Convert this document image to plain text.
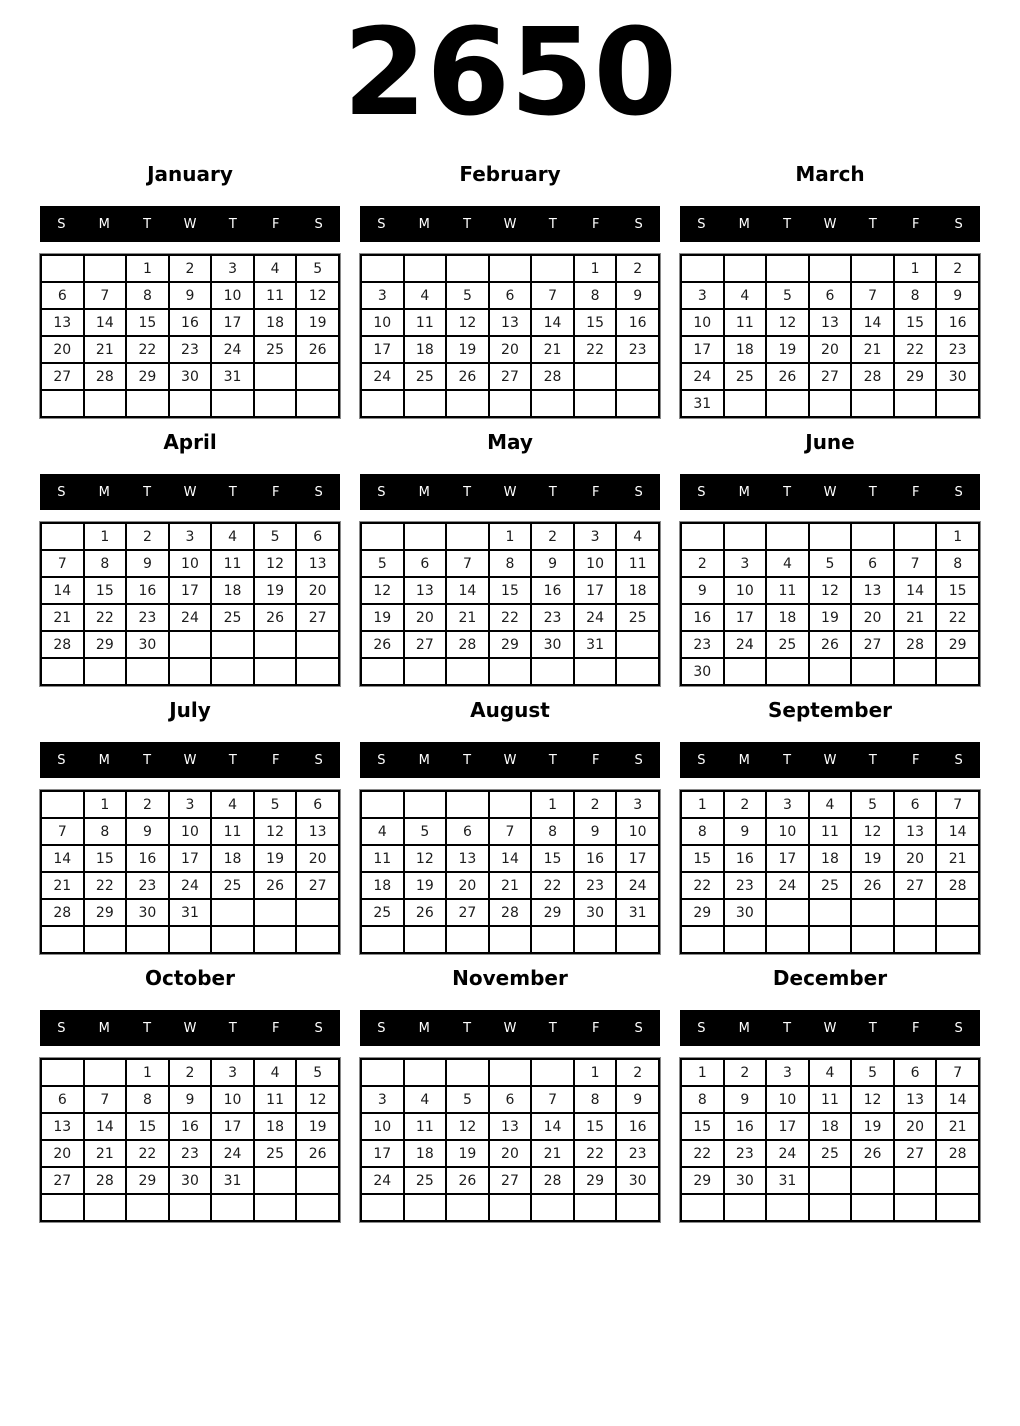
2650
January
S	M	T	W	T	F	S
		1	2	3	4	5
6	7	8	9	10	11	12
13	14	15	16	17	18	19
20	21	22	23	24	25	26
27	28	29	30	31		

February
S	M	T	W	T	F	S
					1	2
3	4	5	6	7	8	9
10	11	12	13	14	15	16
17	18	19	20	21	22	23
24	25	26	27	28		

March
S	M	T	W	T	F	S
					1	2
3	4	5	6	7	8	9
10	11	12	13	14	15	16
17	18	19	20	21	22	23
24	25	26	27	28	29	30
31						
April
S	M	T	W	T	F	S
	1	2	3	4	5	6
7	8	9	10	11	12	13
14	15	16	17	18	19	20
21	22	23	24	25	26	27
28	29	30				

May
S	M	T	W	T	F	S
			1	2	3	4
5	6	7	8	9	10	11
12	13	14	15	16	17	18
19	20	21	22	23	24	25
26	27	28	29	30	31	

June
S	M	T	W	T	F	S
						1
2	3	4	5	6	7	8
9	10	11	12	13	14	15
16	17	18	19	20	21	22
23	24	25	26	27	28	29
30						
July
S	M	T	W	T	F	S
	1	2	3	4	5	6
7	8	9	10	11	12	13
14	15	16	17	18	19	20
21	22	23	24	25	26	27
28	29	30	31			

August
S	M	T	W	T	F	S
				1	2	3
4	5	6	7	8	9	10
11	12	13	14	15	16	17
18	19	20	21	22	23	24
25	26	27	28	29	30	31

September
S	M	T	W	T	F	S
1	2	3	4	5	6	7
8	9	10	11	12	13	14
15	16	17	18	19	20	21
22	23	24	25	26	27	28
29	30					

October
S	M	T	W	T	F	S
		1	2	3	4	5
6	7	8	9	10	11	12
13	14	15	16	17	18	19
20	21	22	23	24	25	26
27	28	29	30	31		

November
S	M	T	W	T	F	S
					1	2
3	4	5	6	7	8	9
10	11	12	13	14	15	16
17	18	19	20	21	22	23
24	25	26	27	28	29	30

December
S	M	T	W	T	F	S
1	2	3	4	5	6	7
8	9	10	11	12	13	14
15	16	17	18	19	20	21
22	23	24	25	26	27	28
29	30	31				
